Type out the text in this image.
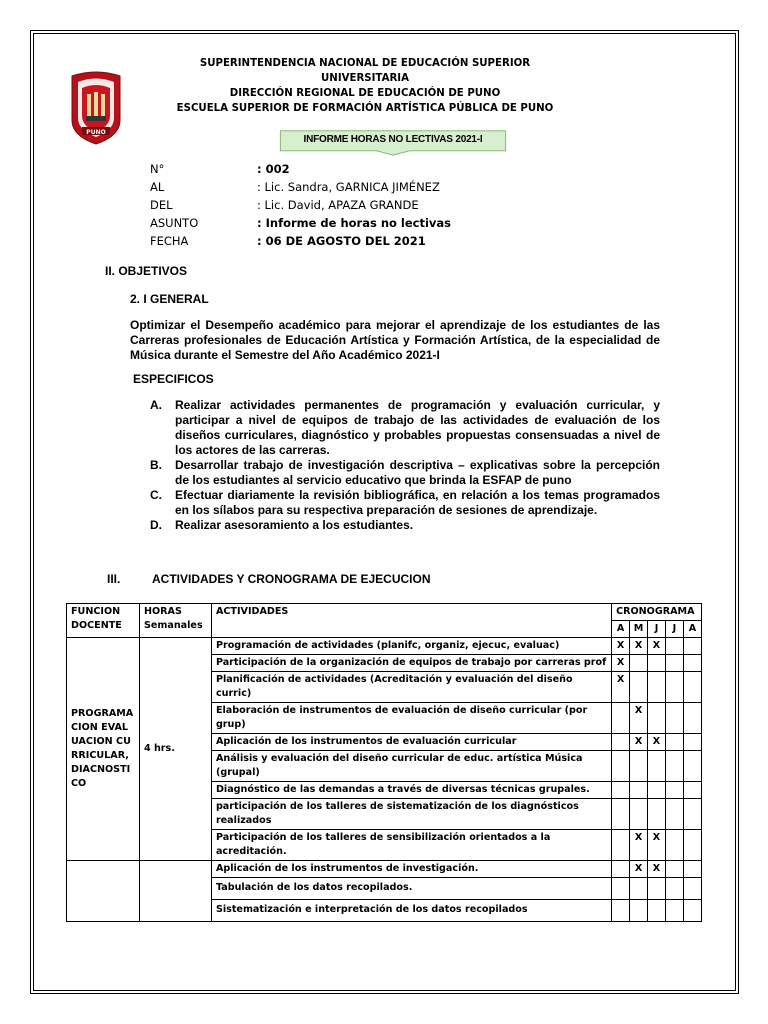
PUNO
SUPERINTENDENCIA NACIONAL DE EDUCACIÓN SUPERIOR UNIVERSITARIA
DIRECCIÓN REGIONAL DE EDUCACIÓN DE PUNO
ESCUELA SUPERIOR DE FORMACIÓN ARTÍSTICA PÚBLICA DE PUNO
INFORME HORAS NO LECTIVAS 2021-I
N°	: 002
AL	: Lic. Sandra, GARNICA JIMÉNEZ
DEL	: Lic. David, APAZA GRANDE
ASUNTO	: Informe de horas no lectivas
FECHA	: 06 DE AGOSTO DEL 2021
II. OBJETIVOS
2. I GENERAL
Optimizar el Desempeño académico para mejorar el aprendizaje de los estudiantes de las Carreras profesionales de Educación Artística y Formación Artística, de la especialidad de Música durante el Semestre del Año Académico 2021-I
ESPECIFICOS
A.	Realizar actividades permanentes de programación y evaluación curricular, y participar a nivel de equipos de trabajo de las actividades de evaluación de los diseños curriculares, diagnóstico y probables propuestas consensuadas a nivel de los actores de las carreras.
B.	Desarrollar trabajo de investigación descriptiva – explicativas sobre la percepción de los estudiantes al servicio educativo que brinda la ESFAP de puno
C.	Efectuar diariamente la revisión bibliográfica, en relación a los temas programados en los sílabos para su respectiva preparación de sesiones de aprendizaje.
D.	Realizar asesoramiento a los estudiantes.
III.	ACTIVIDADES Y CRONOGRAMA DE EJECUCION
FUNCION DOCENTE	HORAS Semanales	ACTIVIDADES	CRONOGRAMA				
			A	M	J	J	A
PROGRAMACION EVALUACION CURRICULAR, DIACNOSTICO	4 hrs.	Programación de actividades (planifc, organiz, ejecuc, evaluac)	X	X	X		
		Participación de la organización de equipos de trabajo por carreras prof	X				
		Planificación de actividades (Acreditación y evaluación del diseño curric)	X				
		Elaboración de instrumentos de evaluación de diseño curricular (por grup)		X			
		Aplicación de los instrumentos de evaluación curricular		X	X		
		Análisis y evaluación del diseño curricular de educ. artística Música (grupal)					
		Diagnóstico de las demandas a través de diversas técnicas grupales.					
		participación de los talleres de sistematización de los diagnósticos realizados					
		Participación de los talleres de sensibilización orientados a la acreditación.		X	X		
		Aplicación de los instrumentos de investigación.		X	X		
		Tabulación de los datos recopilados.					
		Sistematización e interpretación de los datos recopilados					
